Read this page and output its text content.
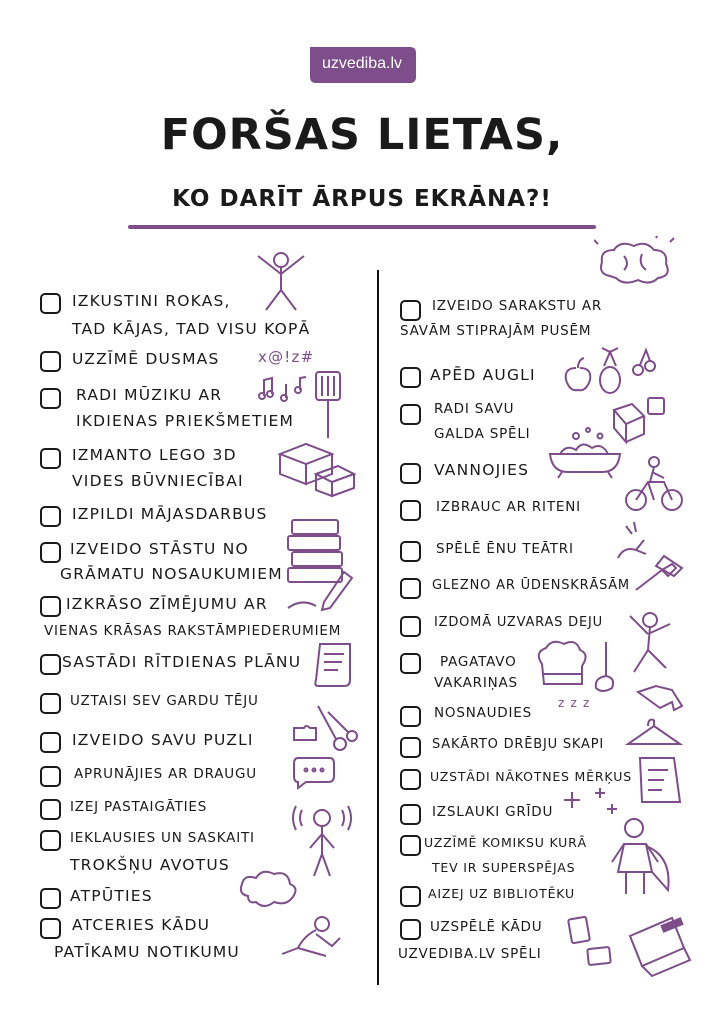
uzvediba.lv
FORŠAS LIETAS,
KO DARĪT ĀRPUS EKRĀNA?!
IZKUSTINI ROKAS,
TAD KĀJAS, TAD VISU KOPĀ
UZZĪMĒ DUSMAS	x@!z#
RADI MŪZIKU AR
IKDIENAS PRIEKŠMETIEM
IZMANTO LEGO 3D
VIDES BŪVNIECĪBAI
IZPILDI MĀJASDARBUS
IZVEIDO STĀSTU NO
GRĀMATU NOSAUKUMIEM
IZKRĀSO ZĪMĒJUMU AR
VIENAS KRĀSAS RAKSTĀMPIEDERUMIEM
SASTĀDI RĪTDIENAS PLĀNU
UZTAISI SEV GARDU TĒJU
IZVEIDO SAVU PUZLI
APRUNĀJIES AR DRAUGU
IZEJ PASTAIGĀTIES
IEKLAUSIES UN SASKAITI
TROKŠŅU AVOTUS
ATPŪTIES
ATCERIES KĀDU
PATĪKAMU NOTIKUMU
IZVEIDO SARAKSTU AR
SAVĀM STIPRAJĀM PUSĒM
APĒD AUGLI
RADI SAVU
GALDA SPĒLI
VANNOJIES
IZBRAUC AR RITENI
SPĒLĒ ĒNU TEĀTRI
GLEZNO AR ŪDENSKRĀSĀM
IZDOMĀ UZVARAS DEJU
PAGATAVO
VAKARIŅAS
NOSNAUDIES
SAKĀRTO DRĒBJU SKAPI
UZSTĀDI NĀKOTNES MĒRĶUS
IZSLAUKI GRĪDU
UZZĪMĒ KOMIKSU KURĀ
TEV IR SUPERSPĒJAS
AIZEJ UZ BIBLIOTĒKU
UZSPĒLĒ KĀDU
UZVEDIBA.LV SPĒLI
z z z
